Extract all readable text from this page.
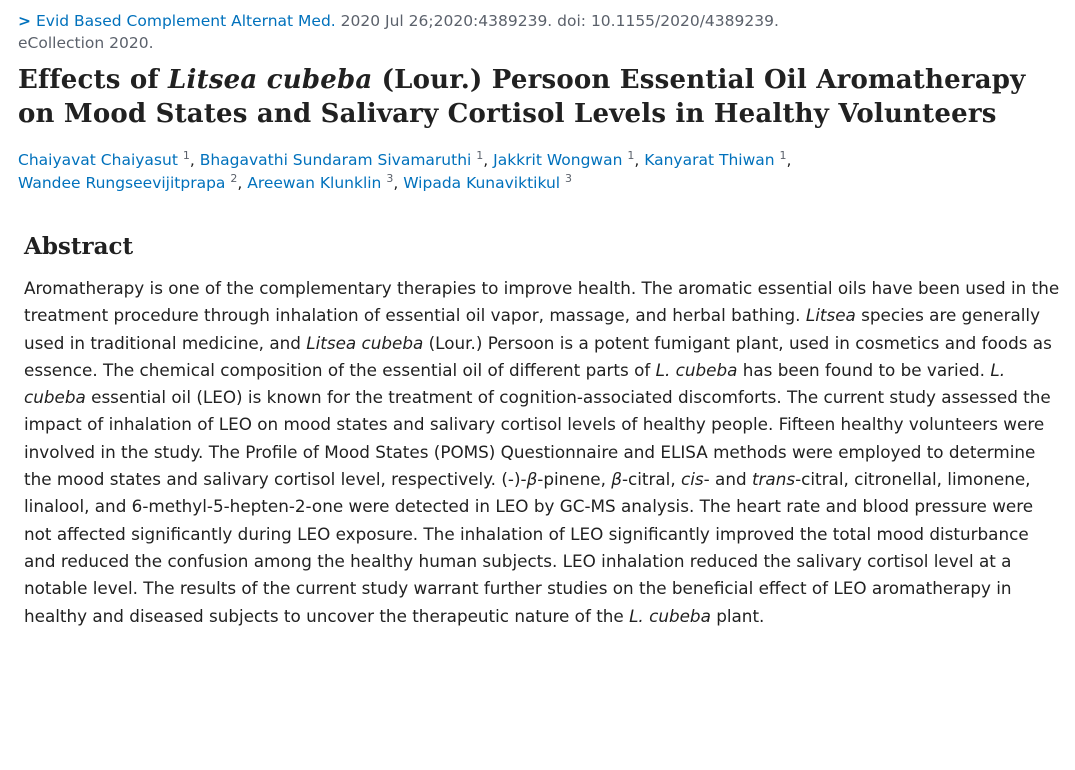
> Evid Based Complement Alternat Med. 2020 Jul 26;2020:4389239. doi: 10.1155/2020/4389239.
eCollection 2020.
Effects of Litsea cubeba (Lour.) Persoon Essential Oil Aromatherapy on Mood States and Salivary Cortisol Levels in Healthy Volunteers
Chaiyavat Chaiyasut $^1$, Bhagavathi Sundaram Sivamaruthi $^1$, Jakkrit Wongwan $^1$, Kanyarat Thiwan $^1$,
Wandee Rungseevijitprapa $^2$, Areewan Klunklin $^3$, Wipada Kunaviktikul $^3$
Abstract

Aromatherapy is one of the complementary therapies to improve health. The aromatic essential oils have been used in the treatment procedure through inhalation of essential oil vapor, massage, and herbal bathing. Litsea species are generally used in traditional medicine, and Litsea cubeba (Lour.) Persoon is a potent fumigant plant, used in cosmetics and foods as essence. The chemical composition of the essential oil of different parts of L. cubeba has been found to be varied. L. cubeba essential oil (LEO) is known for the treatment of cognition-associated discomforts. The current study assessed the impact of inhalation of LEO on mood states and salivary cortisol levels of healthy people. Fifteen healthy volunteers were involved in the study. The Profile of Mood States (POMS) Questionnaire and ELISA methods were employed to determine the mood states and salivary cortisol level, respectively. (-)-β-pinene, β-citral, cis- and trans-citral, citronellal, limonene, linalool, and 6-methyl-5-hepten-2-one were detected in LEO by GC-MS analysis. The heart rate and blood pressure were not affected significantly during LEO exposure. The inhalation of LEO significantly improved the total mood disturbance and reduced the confusion among the healthy human subjects. LEO inhalation reduced the salivary cortisol level at a notable level. The results of the current study warrant further studies on the beneficial effect of LEO aromatherapy in healthy and diseased subjects to uncover the therapeutic nature of the L. cubeba plant.
